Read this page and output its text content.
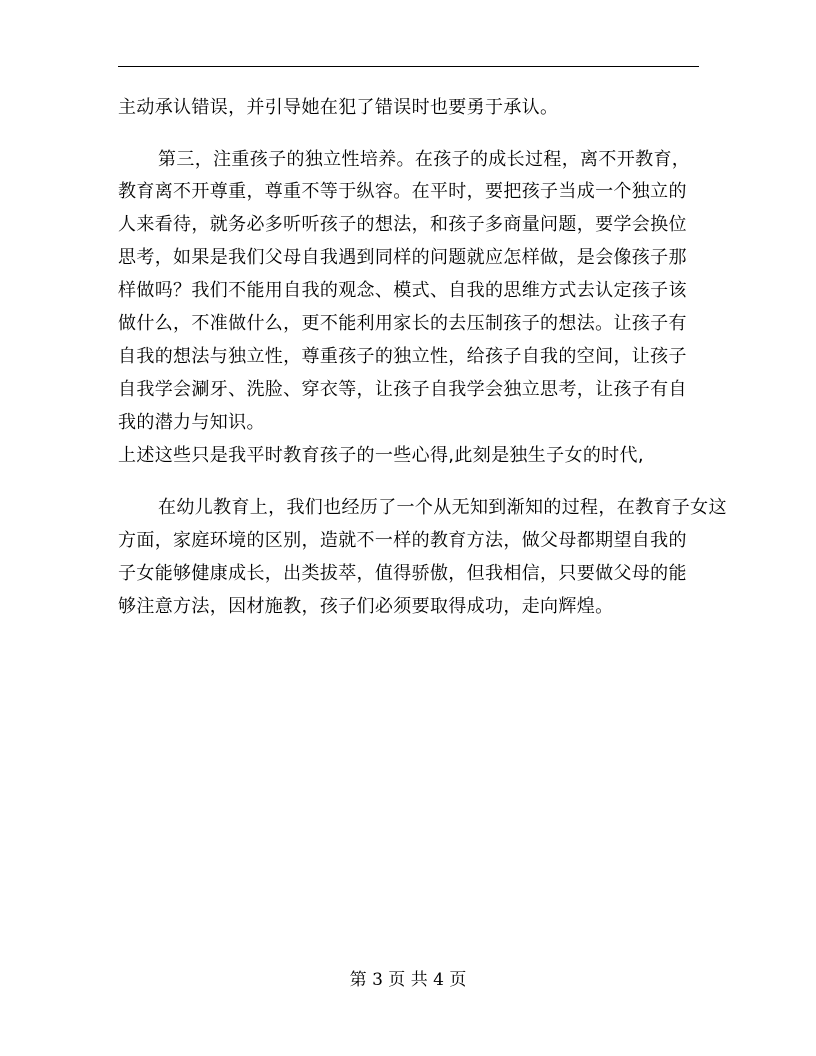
主动承认错误，并引导她在犯了错误时也要勇于承认。
第三，注重孩子的独立性培养。在孩子的成长过程，离不开教育，
教育离不开尊重，尊重不等于纵容。在平时，要把孩子当成一个独立的
人来看待，就务必多听听孩子的想法，和孩子多商量问题，要学会换位
思考，如果是我们父母自我遇到同样的问题就应怎样做，是会像孩子那
样做吗？我们不能用自我的观念、模式、自我的思维方式去认定孩子该
做什么，不准做什么，更不能利用家长的去压制孩子的想法。让孩子有
自我的想法与独立性，尊重孩子的独立性，给孩子自我的空间，让孩子
自我学会涮牙、洗脸、穿衣等，让孩子自我学会独立思考，让孩子有自
我的潜力与知识。
上述这些只是我平时教育孩子的一些心得,此刻是独生子女的时代,
在幼儿教育上，我们也经历了一个从无知到渐知的过程，在教育子女这
方面，家庭环境的区别，造就不一样的教育方法，做父母都期望自我的
子女能够健康成长，出类拔萃，值得骄傲，但我相信，只要做父母的能
够注意方法，因材施教，孩子们必须要取得成功，走向辉煌。
第 3 页 共 4 页
